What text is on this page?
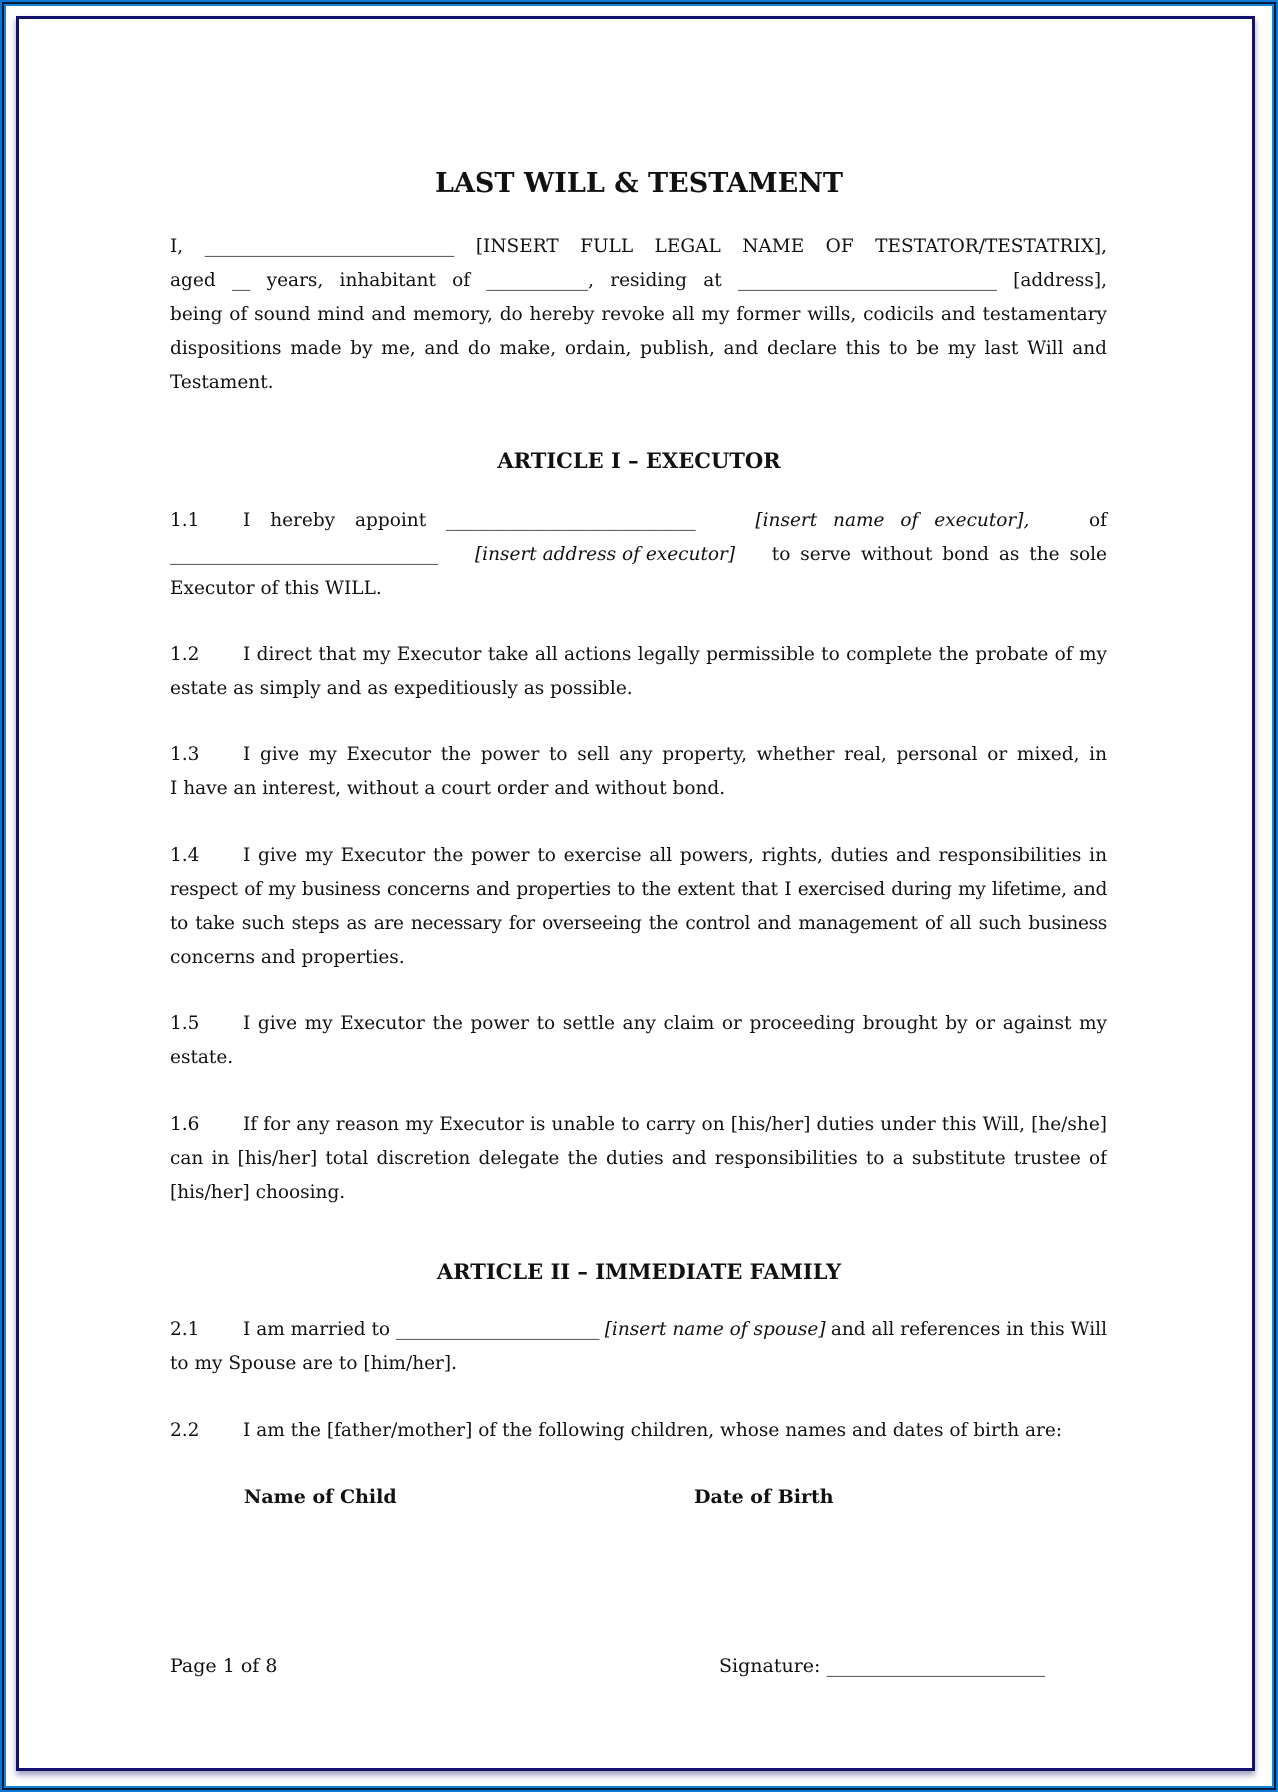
LAST WILL & TESTAMENT
I, ___________________________ [INSERT FULL LEGAL NAME OF TESTATOR/TESTATRIX],
aged __ years, inhabitant of ___________, residing at ____________________________ [address],
being of sound mind and memory, do hereby revoke all my former wills, codicils and testamentary
dispositions made by me, and do make, ordain, publish, and declare this to be my last Will and
Testament.
ARTICLE I – EXECUTOR
1.1	I hereby appoint ___________________________	[insert name of executor],	of
_____________________________ [insert address of executor] to serve without bond as the sole
Executor of this WILL.
1.2 I direct that my Executor take all actions legally permissible to complete the probate of my
estate as simply and as expeditiously as possible.
1.3 I give my Executor the power to sell any property, whether real, personal or mixed, in
I have an interest, without a court order and without bond.
1.4 I give my Executor the power to exercise all powers, rights, duties and responsibilities in
respect of my business concerns and properties to the extent that I exercised during my lifetime, and
to take such steps as are necessary for overseeing the control and management of all such business
concerns and properties.
1.5 I give my Executor the power to settle any claim or proceeding brought by or against my
estate.
1.6 If for any reason my Executor is unable to carry on [his/her] duties under this Will, [he/she]
can in [his/her] total discretion delegate the duties and responsibilities to a substitute trustee of
[his/her] choosing.
ARTICLE II – IMMEDIATE FAMILY
2.1	I am married to ______________________ [insert name of spouse] and all references in this Will
to my Spouse are to [him/her].
2.2 I am the [father/mother] of the following children, whose names and dates of birth are:
Name of Child	Date of Birth
Page 1 of 8	Signature: _______________________
